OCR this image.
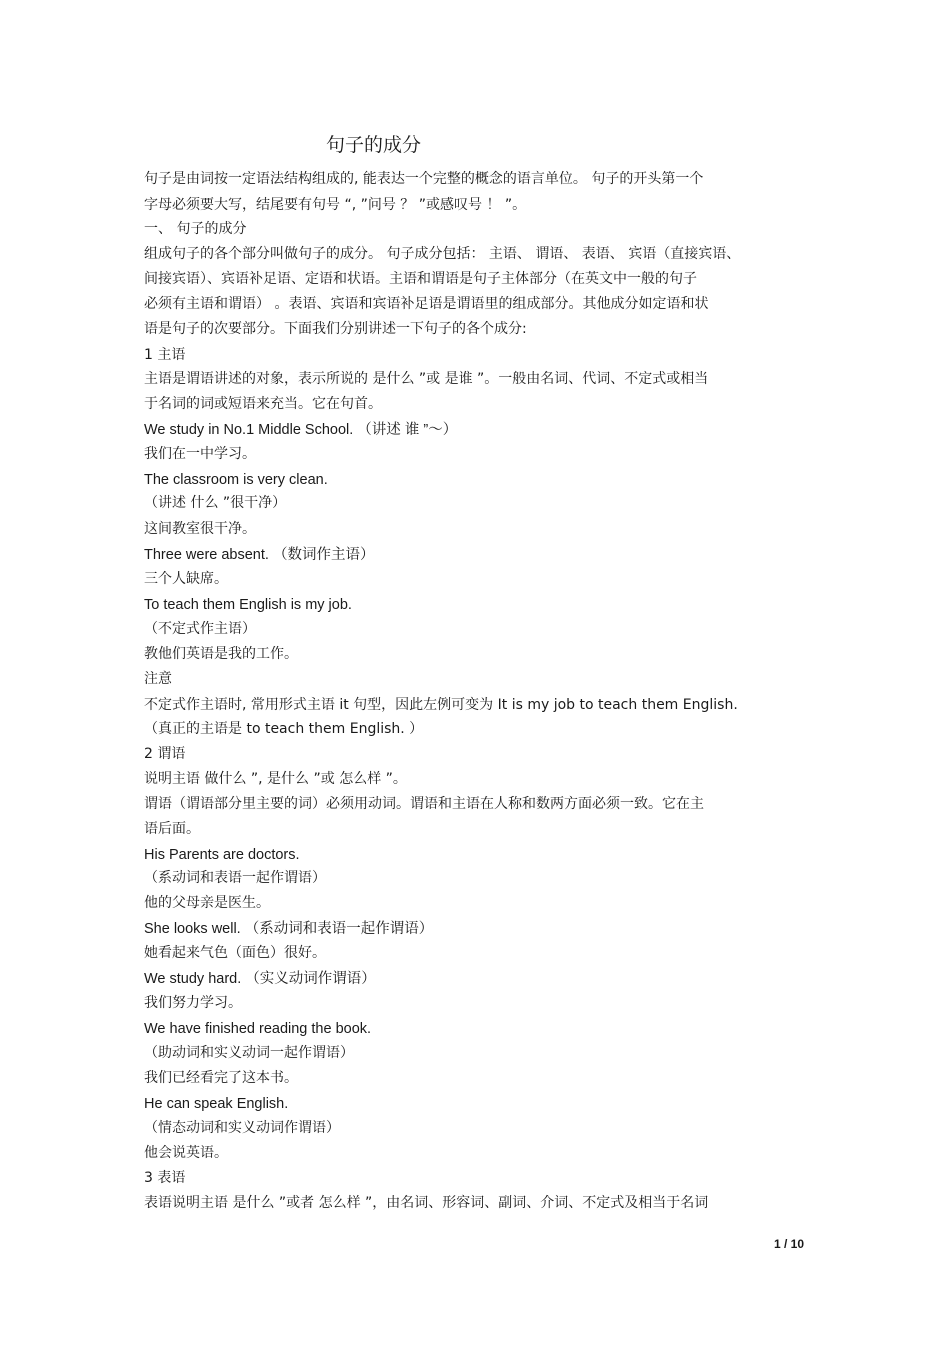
句子的成分
句子是由词按一定语法结构组成的, 能表达一个完整的概念的语言单位。 句子的开头第一个
字母必须要大写，结尾要有句号 “, ”问号 ？ ”或感叹号 ！ ”。
一、 句子的成分
组成句子的各个部分叫做句子的成分。 句子成分包括： 主语、 谓语、 表语、 宾语（直接宾语、
间接宾语）、宾语补足语、定语和状语。主语和谓语是句子主体部分（在英文中一般的句子
必须有主语和谓语） 。表语、宾语和宾语补足语是谓语里的组成部分。其他成分如定语和状
语是句子的次要部分。下面我们分别讲述一下句子的各个成分:
1 主语
主语是谓语讲述的对象，表示所说的 是什么 ”或 是谁 ”。一般由名词、代词、不定式或相当
于名词的词或短语来充当。它在句首。
We study in No.1 Middle School. （讲述 谁 ”～）
我们在一中学习。
The classroom is very clean.
（讲述 什么 ”很干净）
这间教室很干净。
Three were absent. （数词作主语）
三个人缺席。
To teach them English is my job.
（不定式作主语）
教他们英语是我的工作。
注意
不定式作主语时, 常用形式主语 it 句型，因此左例可变为 It is my job to teach them English.
（真正的主语是 to teach them English. ）
2 谓语
说明主语 做什么 ”, 是什么 ”或 怎么样 ”。
谓语（谓语部分里主要的词）必须用动词。谓语和主语在人称和数两方面必须一致。它在主
语后面。
His Parents are doctors.
（系动词和表语一起作谓语）
他的父母亲是医生。
She looks well. （系动词和表语一起作谓语）
她看起来气色（面色）很好。
We study hard. （实义动词作谓语）
我们努力学习。
We have finished reading the book.
（助动词和实义动词一起作谓语）
我们已经看完了这本书。
He can speak English.
（情态动词和实义动词作谓语）
他会说英语。
3 表语
表语说明主语 是什么 ”或者 怎么样 ”，由名词、形容词、副词、介词、不定式及相当于名词
1 / 10
